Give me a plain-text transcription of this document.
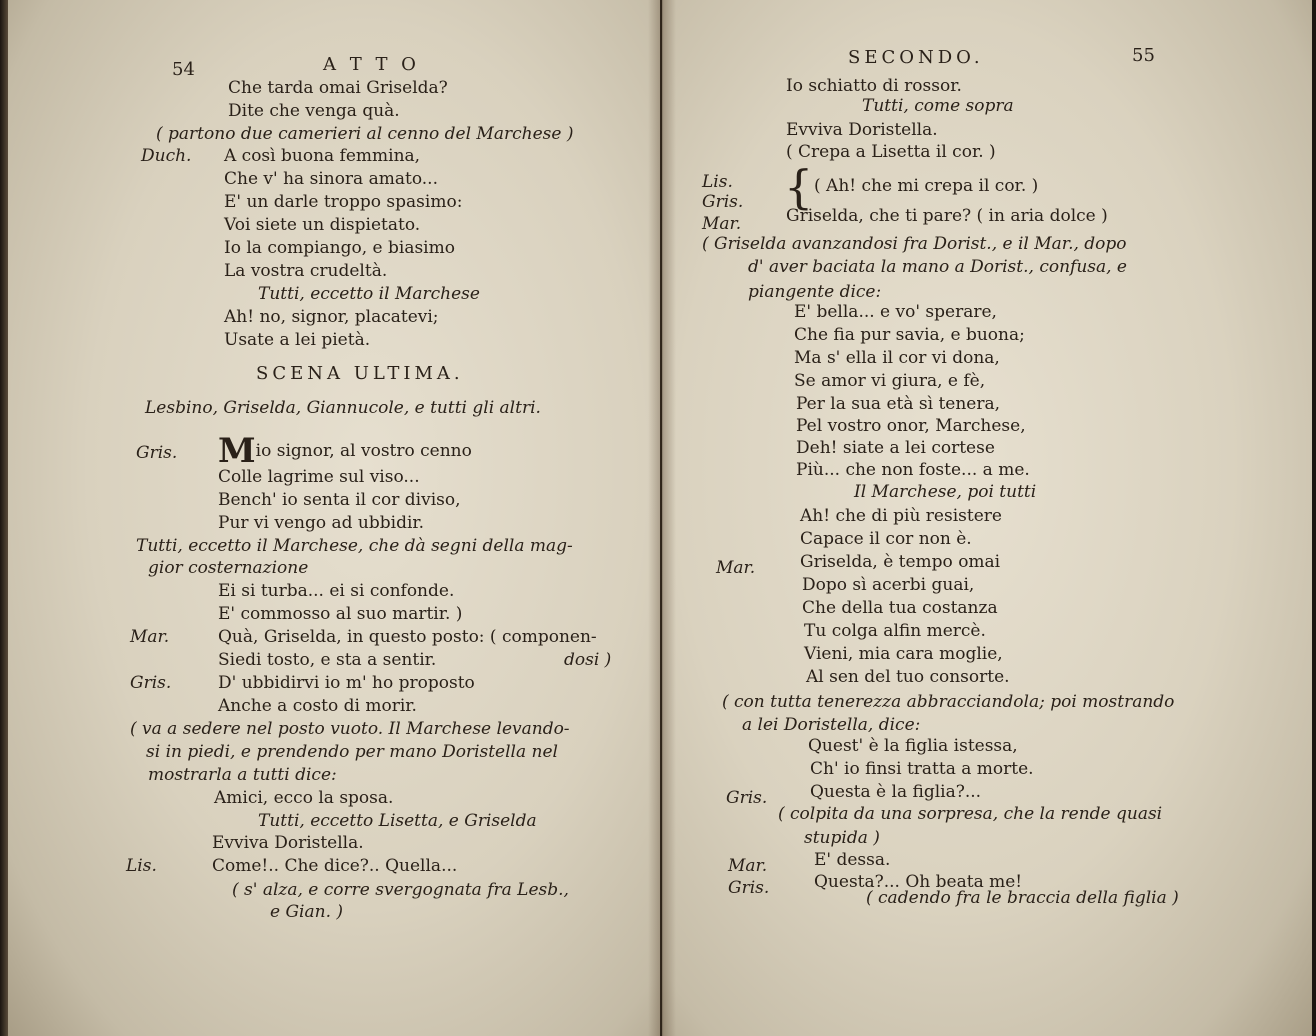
54	A T T O
Che tarda omai Griselda?
Dite che venga quà.
( partono due camerieri al cenno del Marchese )
Duch. A così buona femmina,
Che v' ha sinora amato...
E' un darle troppo spasimo:
Voi siete un dispietato.
Io la compiango, e biasimo
La vostra crudeltà.
Tutti, eccetto il Marchese
Ah! no, signor, placatevi;
Usate a lei pietà.
SCENA ULTIMA.
Lesbino, Griselda, Giannucole, e tutti gli altri.
Gris. Mio signor, al vostro cenno
Colle lagrime sul viso...
Bench' io senta il cor diviso,
Pur vi vengo ad ubbidir.
Tutti, eccetto il Marchese, che dà segni della mag-
gior costernazione
Ei si turba... ei si confonde.
E' commosso al suo martir. )
Mar.	Quà, Griselda, in questo posto: ( componen-
Siedi tosto, e sta a sentir.	dosi )
Gris.	D' ubbidirvi io m' ho proposto
Anche a costo di morir.
( va a sedere nel posto vuoto. Il Marchese levando-
si in piedi, e prendendo per mano Doristella nel
mostrarla a tutti dice:
Amici, ecco la sposa.
Tutti, eccetto Lisetta, e Griselda
Evviva Doristella.
Lis.	Come!.. Che dice?.. Quella...
( s' alza, e corre svergognata fra Lesb.,
e Gian. )
SECONDO.	55
Io schiatto di rossor.
Tutti, come sopra
Evviva Doristella.
( Crepa a Lisetta il cor. )
Lis.
Gris. { ( Ah! che mi crepa il cor. )
Mar.	Griselda, che ti pare? ( in aria dolce )
( Griselda avanzandosi fra Dorist., e il Mar., dopo
d' aver baciata la mano a Dorist., confusa, e
piangente dice:
E' bella... e vo' sperare,
Che fia pur savia, e buona;
Ma s' ella il cor vi dona,
Se amor vi giura, e fè,
Per la sua età sì tenera,
Pel vostro onor, Marchese,
Deh! siate a lei cortese
Più... che non foste... a me.
Il Marchese, poi tutti
Ah! che di più resistere
Capace il cor non è.
Mar.	Griselda, è tempo omai
Dopo sì acerbi guai,
Che della tua costanza
Tu colga alfin mercè.
Vieni, mia cara moglie,
Al sen del tuo consorte.
( con tutta tenerezza abbracciandola; poi mostrando
a lei Doristella, dice:
Quest' è la figlia istessa,
Ch' io finsi tratta a morte.
Gris.	Questa è la figlia?...
( colpita da una sorpresa, che la rende quasi
stupida )
Mar.	E' dessa.
Gris.	Questa?... Oh beata me!
( cadendo fra le braccia della figlia )
